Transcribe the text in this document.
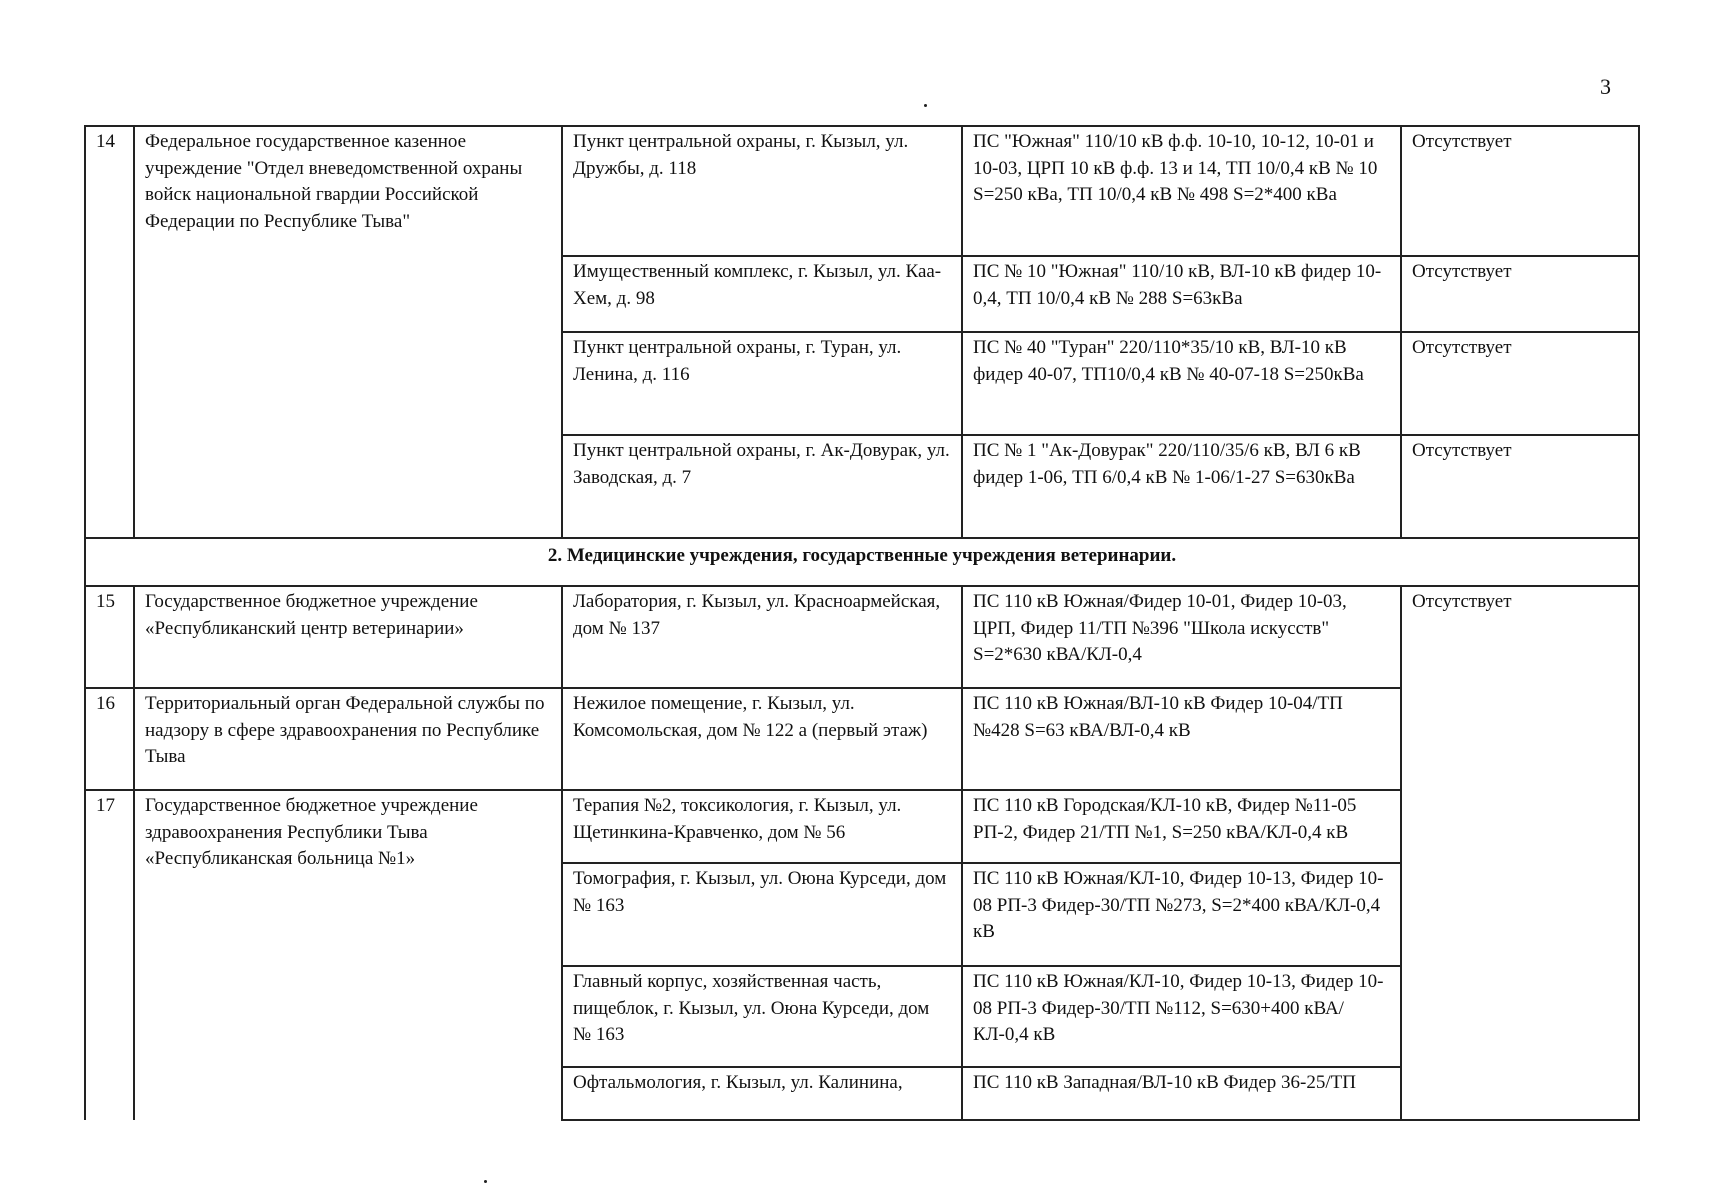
3
14	Федеральное государственное казенное учреждение "Отдел вневедомственной охраны войск национальной гвардии Российской Федерации по Республике Тыва"	Пункт центральной охраны, г. Кызыл, ул. Дружбы, д. 118	ПС "Южная" 110/10 кВ ф.ф. 10-10, 10-12, 10-01 и 10-03, ЦРП 10 кВ ф.ф. 13 и 14, ТП 10/0,4 кВ № 10 S=250 кВа, ТП 10/0,4 кВ № 498 S=2*400 кВа	Отсутствует
		Имущественный комплекс, г. Кызыл, ул. Каа-Хем, д. 98	ПС № 10 "Южная" 110/10 кВ, ВЛ-10 кВ фидер 10-0,4, ТП 10/0,4 кВ № 288 S=63кВа	Отсутствует
		Пункт центральной охраны, г. Туран, ул. Ленина, д. 116	ПС № 40 "Туран" 220/110*35/10 кВ, ВЛ-10 кВ фидер 40-07, ТП10/0,4 кВ № 40-07-18 S=250кВа	Отсутствует
		Пункт центральной охраны, г. Ак-Довурак, ул. Заводская, д. 7	ПС № 1 "Ак-Довурак" 220/110/35/6 кВ, ВЛ 6 кВ фидер 1-06, ТП 6/0,4 кВ № 1-06/1-27 S=630кВа	Отсутствует
2. Медицинские учреждения, государственные учреждения ветеринарии.				
15	Государственное бюджетное учреждение «Республиканский центр ветеринарии»	Лаборатория, г. Кызыл, ул. Красноармейская, дом № 137	ПС 110 кВ Южная/Фидер 10-01, Фидер 10-03, ЦРП, Фидер 11/ТП №396 "Школа искусств" S=2*630 кВА/КЛ-0,4	Отсутствует
16	Территориальный орган Федеральной службы по надзору в сфере здравоохранения по Республике Тыва	Нежилое помещение, г. Кызыл, ул. Комсомольская, дом № 122 а (первый этаж)	ПС 110 кВ Южная/ВЛ-10 кВ Фидер 10-04/ТП №428 S=63 кВА/ВЛ-0,4 кВ	
17	Государственное бюджетное учреждение здравоохранения Республики Тыва «Республиканская больница №1»	Терапия №2, токсикология, г. Кызыл, ул. Щетинкина-Кравченко, дом № 56	ПС 110 кВ Городская/КЛ-10 кВ, Фидер №11-05 РП-2, Фидер 21/ТП №1, S=250 кВА/КЛ-0,4 кВ	
		Томография, г. Кызыл, ул. Оюна Курседи, дом № 163	ПС 110 кВ Южная/КЛ-10, Фидер 10-13, Фидер 10-08 РП-3 Фидер-30/ТП №273, S=2*400 кВА/КЛ-0,4 кВ	
		Главный корпус, хозяйственная часть, пищеблок, г. Кызыл, ул. Оюна Курседи, дом № 163	ПС 110 кВ Южная/КЛ-10, Фидер 10-13, Фидер 10-08 РП-3 Фидер-30/ТП №112, S=630+400 кВА/КЛ-0,4 кВ	
		Офтальмология, г. Кызыл, ул. Калинина,	ПС 110 кВ Западная/ВЛ-10 кВ Фидер 36-25/ТП	
